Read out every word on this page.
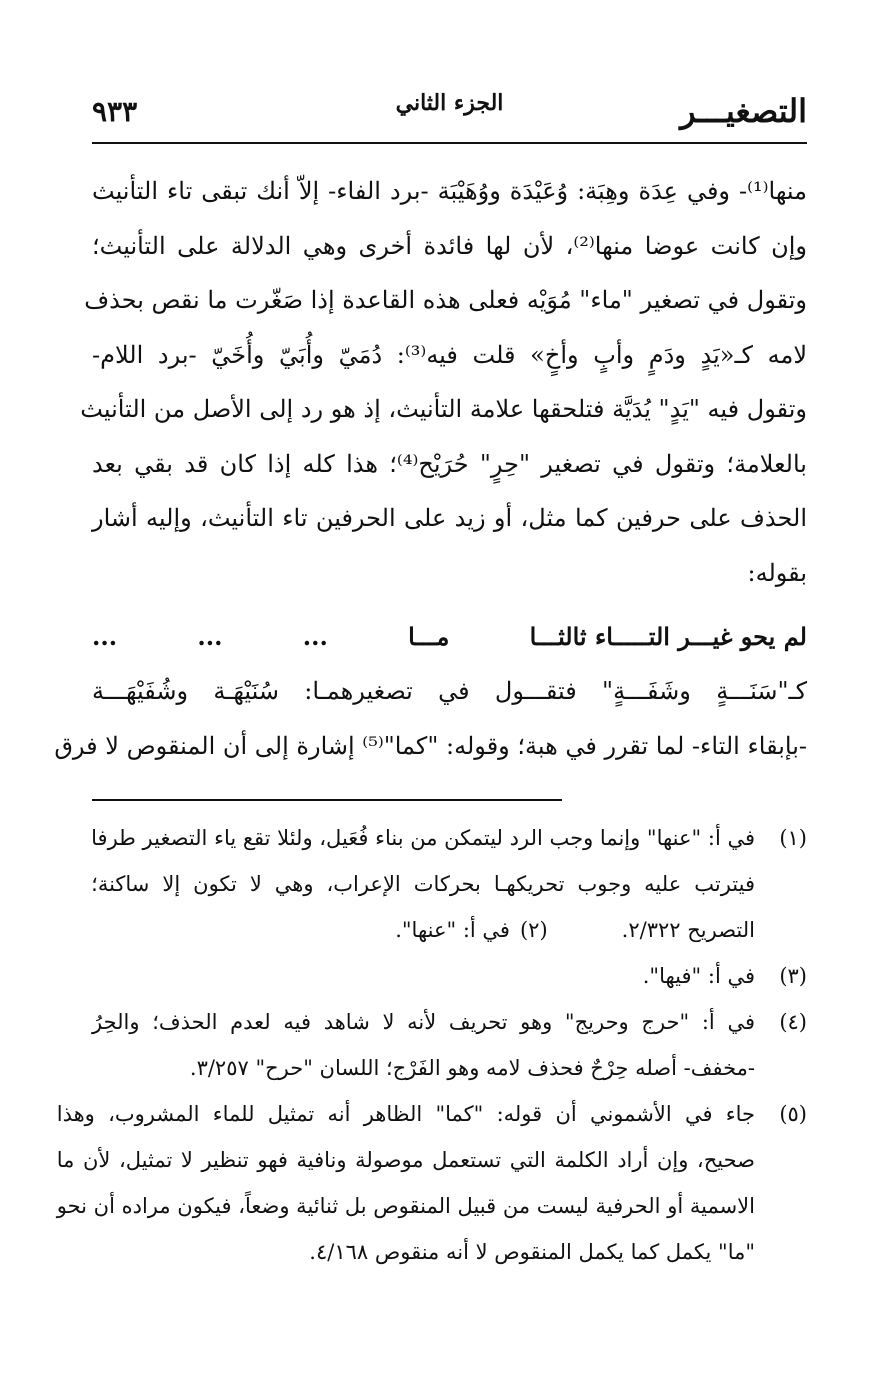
التصغيـــر
الجزء الثاني
٩٣٣
منها⁽¹⁾- وفي عِدَة وهِبَة: وُعَيْدَة ووُهَيْبَة -برد الفاء- إلاّ أنك تبقى تاء التأنيث
وإن كانت عوضا منها⁽²⁾، لأن لها فائدة أخرى وهي الدلالة على التأنيث؛
وتقول في تصغير "ماء" مُوَيْه فعلى هذه القاعدة إذا صَغّرت ما نقص بحذف
لامه كـ«يَدٍ ودَمٍ وأبٍ وأخٍ» قلت فيه⁽³⁾: دُمَيّ وأُبَيّ وأُخَيّ -برد اللام-
وتقول فيه "يَدٍ" يُدَيَّة فتلحقها علامة التأنيث، إذ هو رد إلى الأصل من التأنيث
بالعلامة؛ وتقول في تصغير "حِرٍ" حُرَيْح⁽⁴⁾؛ هذا كله إذا كان قد بقي بعد
الحذف على حرفين كما مثل، أو زيد على الحرفين تاء التأنيث، وإليه أشار
بقوله:
لم يحو غيـــر التـــــاء ثالثـــا
مـــا
...
...
...
كـ"سَنَـــةٍ وشَفَـــةٍ" فتقـــول في تصغيرهمـا: سُنَيْهَـة وشُفَيْهَـــة
-بإبقاء التاء- لما تقرر في هبة؛ وقوله: "كما"⁽⁵⁾ إشارة إلى أن المنقوص لا فرق
(١)
في أ: "عنها" وإنما وجب الرد ليتمكن من بناء فُعَيل، ولئلا تقع ياء التصغير طرفا
فيترتب عليه وجوب تحريكهـا بحركات الإعراب، وهي لا تكون إلا ساكنة؛
التصريح ٢/٣٢٢.
(٢)
في أ: "عنها".
(٣)
في أ: "فيها".
(٤)
في أ: "حرج وحريج" وهو تحريف لأنه لا شاهد فيه لعدم الحذف؛ والحِرُ
-مخفف- أصله حِرْحٌ فحذف لامه وهو الفَرْج؛ اللسان "حرح" ٣/٢٥٧.
(٥)
جاء في الأشموني أن قوله: "كما" الظاهر أنه تمثيل للماء المشروب، وهذا
صحيح، وإن أراد الكلمة التي تستعمل موصولة ونافية فهو تنظير لا تمثيل، لأن ما
الاسمية أو الحرفية ليست من قبيل المنقوص بل ثنائية وضعاً، فيكون مراده أن نحو
"ما" يكمل كما يكمل المنقوص لا أنه منقوص ٤/١٦٨.
